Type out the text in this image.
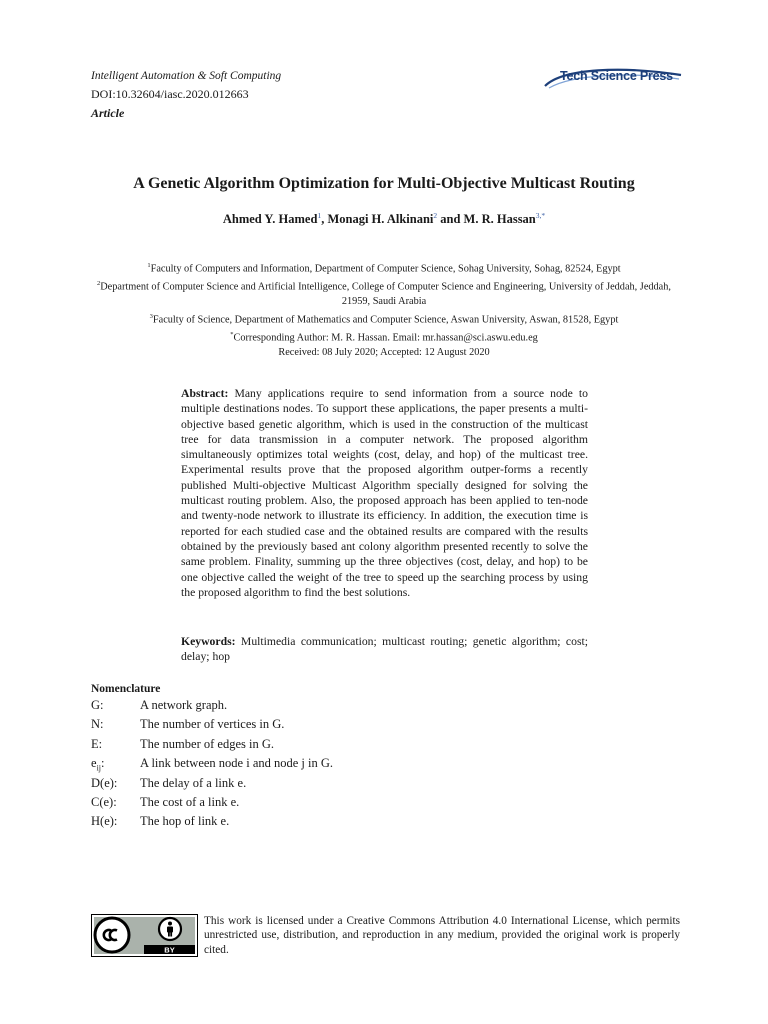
Intelligent Automation & Soft Computing
DOI:10.32604/iasc.2020.012663
Article
Tech Science Press
A Genetic Algorithm Optimization for Multi-Objective Multicast Routing
Ahmed Y. Hamed$^1$, Monagi H. Alkinani$^2$ and M. R. Hassan$^{3,*}$
$^1$Faculty of Computers and Information, Department of Computer Science, Sohag University, Sohag, 82524, Egypt
$^2$Department of Computer Science and Artificial Intelligence, College of Computer Science and Engineering, University of Jeddah, Jeddah, 21959, Saudi Arabia
$^3$Faculty of Science, Department of Mathematics and Computer Science, Aswan University, Aswan, 81528, Egypt
*Corresponding Author: M. R. Hassan. Email: mr.hassan@sci.aswu.edu.eg
Received: 08 July 2020; Accepted: 12 August 2020
Abstract: Many applications require to send information from a source node to multiple destinations nodes. To support these applications, the paper presents a multi-objective based genetic algorithm, which is used in the construction of the multicast tree for data transmission in a computer network. The proposed algorithm simultaneously optimizes total weights (cost, delay, and hop) of the multicast tree. Experimental results prove that the proposed algorithm outper-forms a recently published Multi-objective Multicast Algorithm specially designed for solving the multicast routing problem. Also, the proposed approach has been applied to ten-node and twenty-node network to illustrate its efficiency. In addition, the execution time is reported for each studied case and the obtained results are compared with the results obtained by the previously based ant colony algorithm presented recently to solve the same problem. Finality, summing up the three objectives (cost, delay, and hop) to be one objective called the weight of the tree to speed up the searching process by using the proposed algorithm to find the best solutions.
Keywords: Multimedia communication; multicast routing; genetic algorithm; cost; delay; hop
Nomenclature
G:	A network graph.
N:	The number of vertices in G.
E:	The number of edges in G.
$e_{ij}$:	A link between node i and node j in G.
D(e): The delay of a link e.
C(e): The cost of a link e.
H(e): The hop of link e.
BY
This work is licensed under a Creative Commons Attribution 4.0 International License, which permits unrestricted use, distribution, and reproduction in any medium, provided the original work is properly cited.
